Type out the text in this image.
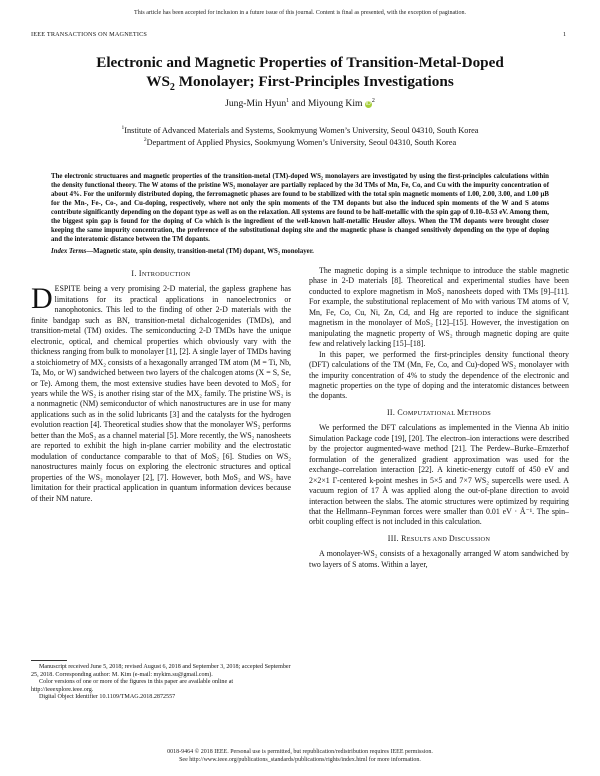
This article has been accepted for inclusion in a future issue of this journal. Content is final as presented, with the exception of pagination.
IEEE TRANSACTIONS ON MAGNETICS	1
Electronic and Magnetic Properties of Transition-Metal-Doped
$WS_2$ Monolayer; First-Principles Investigations
Jung-Min Hyun$^1$ and Miyoung Kim $iD^2$
$^1$Institute of Advanced Materials and Systems, Sookmyung Women’s University, Seoul 04310, South Korea
$^2$Department of Applied Physics, Sookmyung Women’s University, Seoul 04310, South Korea
The electronic structuares and magnetic properties of the transition-metal (TM)-doped WS₂ monolayers are investigated by using the first-principles calculations within the density functional theory. The W atoms of the pristine WS₂ monolayer are partially replaced by the 3d TMs of Mn, Fe, Co, and Cu with the impurity concentration of about 4%. For the uniformly distributed doping, the ferromagnetic phases are found to be stabilized with the total spin magnetic moments of 1.00, 2.00, 3.00, and 1.00 μB for the Mn-, Fe-, Co-, and Cu-doping, respectively, where not only the spin moments of the TM dopants but also the induced spin moments of the W and S atoms contribute significantly depending on the dopant type as well as on the relaxation. All systems are found to be half-metallic with the spin gap of 0.10–0.53 eV. Among them, the biggest spin gap is found for the doping of Co which is the ingredient of the well-known half-metallic Heusler alloys. When the TM dopants were brought closer keeping the same impurity concentration, the preference of the substitutional doping site and the magnetic phase is changed sensitively depending on the type of doping and the interatomic distance between the TM dopants.
Index Terms—Magnetic state, spin density, transition-metal (TM) dopant, WS₂ monolayer.
I. INTRODUCTION

DESPITE being a very promising 2-D material, the gapless graphene has limitations for its practical applications in nanoelectronics or nanophotonics. This led to the finding of other 2-D materials with the finite bandgap such as BN, transition-metal dichalcogenides (TMDs), and transition-metal (TM) oxides. The semiconducting 2-D TMDs have the unique electronic, optical, and chemical properties which obviously vary with the thickness ranging from bulk to monolayer [1], [2]. A single layer of TMDs having a stoichiometry of MX₂ consists of a hexagonally arranged TM atom (M = Ti, Nb, Ta, Mo, or W) sandwiched between two layers of the chalcogen atoms (X = S, Se, or Te). Among them, the most extensive studies have been devoted to MoS₂ for years while the WS₂ is another rising star of the MX₂ family. The pristine WS₂ is a nonmagnetic (NM) semiconductor of which nanostructures are in use for many applications such as in the solid lubricants [3] and the catalysts for the hydrogen evolution reaction [4]. Theoretical studies show that the monolayer WS₂ performs better than the MoS₂ as a channel material [5]. More recently, the WS₂ nanosheets are reported to exhibit the high in-plane carrier mobility and the electrostatic modulation of conductance comparable to that of MoS₂ [6]. Studies on WS₂ nanostructures mainly focus on exploring the electronic structures and optical properties of the WS₂ monolayer [2], [7]. However, both MoS₂ and WS₂ have limitation for their practical application in quantum information devices because of their NM nature.

Manuscript received June 5, 2018; revised August 6, 2018 and September 3, 2018; accepted September 25, 2018. Corresponding author: M. Kim (e-mail: mykim.su@gmail.com).

Color versions of one or more of the figures in this paper are available online at http://ieeexplore.ieee.org.

Digital Object Identifier 10.1109/TMAG.2018.2872557

The magnetic doping is a simple technique to introduce the stable magnetic phase in 2-D materials [8]. Theoretical and experimental studies have been conducted to explore magnetism in MoS₂ nanosheets doped with TMs [9]–[11]. For example, the substitutional replacement of Mo with various TM atoms of V, Mn, Fe, Co, Cu, Ni, Zn, Cd, and Hg are reported to induce the significant magnetism in the monolayer of MoS₂ [12]–[15]. However, the investigation on manipulating the magnetic property of WS₂ through magnetic doping are quite few and relatively lacking [15]–[18].

In this paper, we performed the first-principles density functional theory (DFT) calculations of the TM (Mn, Fe, Co, and Cu)-doped WS₂ monolayer with the impurity concentration of 4% to study the dependence of the electronic and magnetic properties on the type of doping and the interatomic distances between the dopants.

II. COMPUTATIONAL METHODS

We performed the DFT calculations as implemented in the Vienna Ab initio Simulation Package code [19], [20]. The electron–ion interactions were described by the projector augmented-wave method [21]. The Perdew–Burke–Ernzerhof formulation of the generalized gradient approximation was used for the exchange–correlation interaction [22]. A kinetic-energy cutoff of 450 eV and 2×2×1 Γ-centered k-point meshes in 5×5 and 7×7 WS₂ supercells were used. A vacuum region of 17 Å was applied along the out-of-plane direction to avoid interaction between the slabs. The atomic structures were optimized by requiring that the Hellmann–Feynman forces were smaller than 0.01 eV · Å⁻¹. The spin–orbit coupling effect is not included in this calculation.

III. RESULTS AND DISCUSSION

A monolayer-WS₂ consists of a hexagonally arranged W atom sandwiched by two layers of S atoms. Within a layer,

0018-9464 © 2018 IEEE. Personal use is permitted, but republication/redistribution requires IEEE permission.
See http://www.ieee.org/publications_standards/publications/rights/index.html for more information.
